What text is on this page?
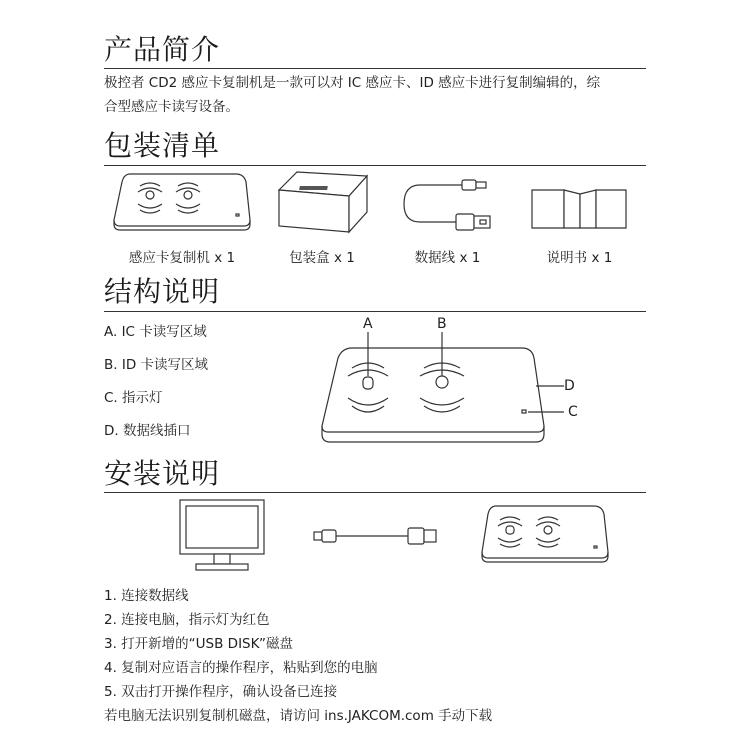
产品简介
极控者 CD2 感应卡复制机是一款可以对 IC 感应卡、ID 感应卡进行复制编辑的，综
合型感应卡读写设备。
包装清单
感应卡复制机 x 1	包装盒 x 1	数据线 x 1	说明书 x 1
结构说明
A. IC 卡读写区域
B. ID 卡读写区域
C. 指示灯
D. 数据线插口
A	B
C
D
安装说明
1. 连接数据线
2. 连接电脑，指示灯为红色
3. 打开新增的“USB DISK”磁盘
4. 复制对应语言的操作程序，粘贴到您的电脑
5. 双击打开操作程序，确认设备已连接
若电脑无法识别复制机磁盘，请访问 ins.JAKCOM.com 手动下载
